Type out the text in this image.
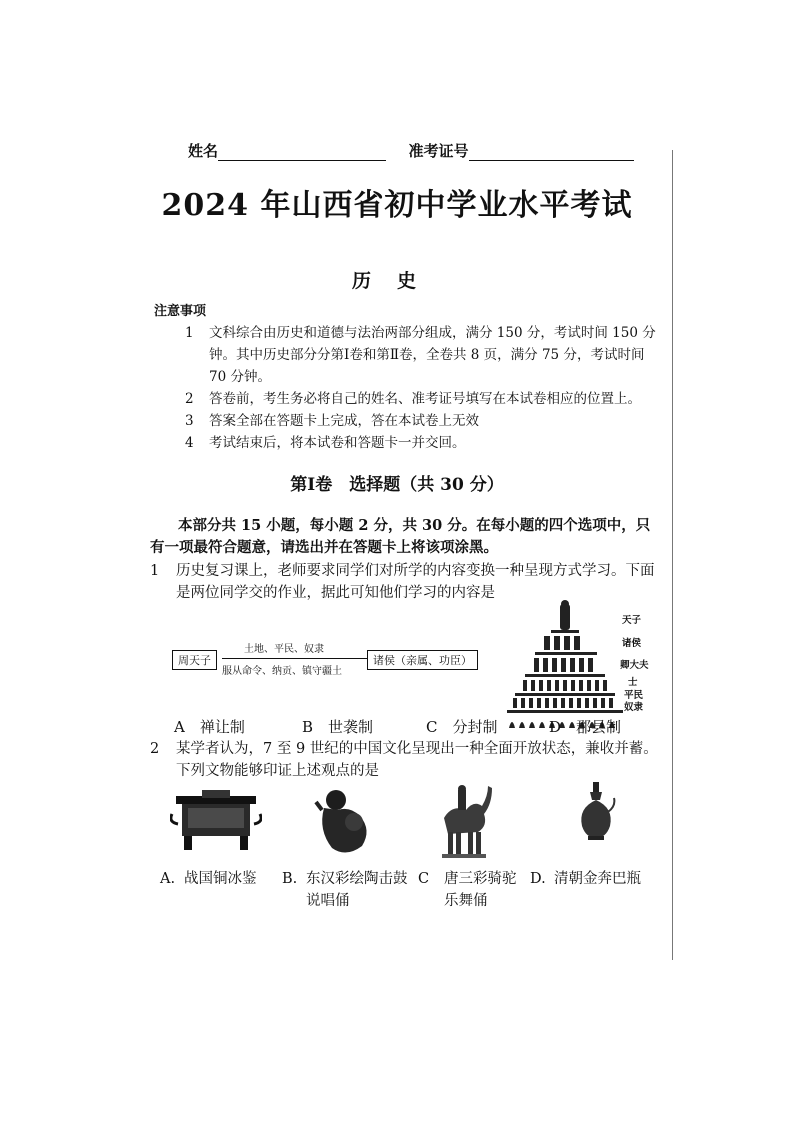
姓名	准考证号
2024 年山西省初中学业水平考试
历史
注意事项
1 文科综合由历史和道德与法治两部分组成，满分 150 分，考试时间 150 分钟。其中历史部分分第Ⅰ卷和第Ⅱ卷，全卷共 8 页，满分 75 分，考试时间 70 分钟。
2 答卷前，考生务必将自己的姓名、准考证号填写在本试卷相应的位置上。
3 答案全部在答题卡上完成，答在本试卷上无效
4 考试结束后，将本试卷和答题卡一并交回。
第Ⅰ卷　选择题（共 30 分）
本部分共 15 小题，每小题 2 分，共 30 分。在每小题的四个选项中，只有一项最符合题意，请选出并在答题卡上将该项涂黑。
1 历史复习课上，老师要求同学们对所学的内容变换一种呈现方式学习。下面是两位同学交的作业，据此可知他们学习的内容是
周天子
土地、平民、奴隶
服从命令、纳贡、镇守疆土
诸侯（亲属、功臣）
天子
诸侯
卿大夫
士
平民
奴隶
A　 禅让制	B　 世袭制	C　 分封制	D　 郡县制
2 某学者认为，7 至 9 世纪的中国文化呈现出一种全面开放状态，兼收并蓄。下列文物能够印证上述观点的是
A. 战国铜冰鉴	B. 东汉彩绘陶击鼓说唱俑
C 唐三彩骑驼乐舞俑
D. 清朝金奔巴瓶
